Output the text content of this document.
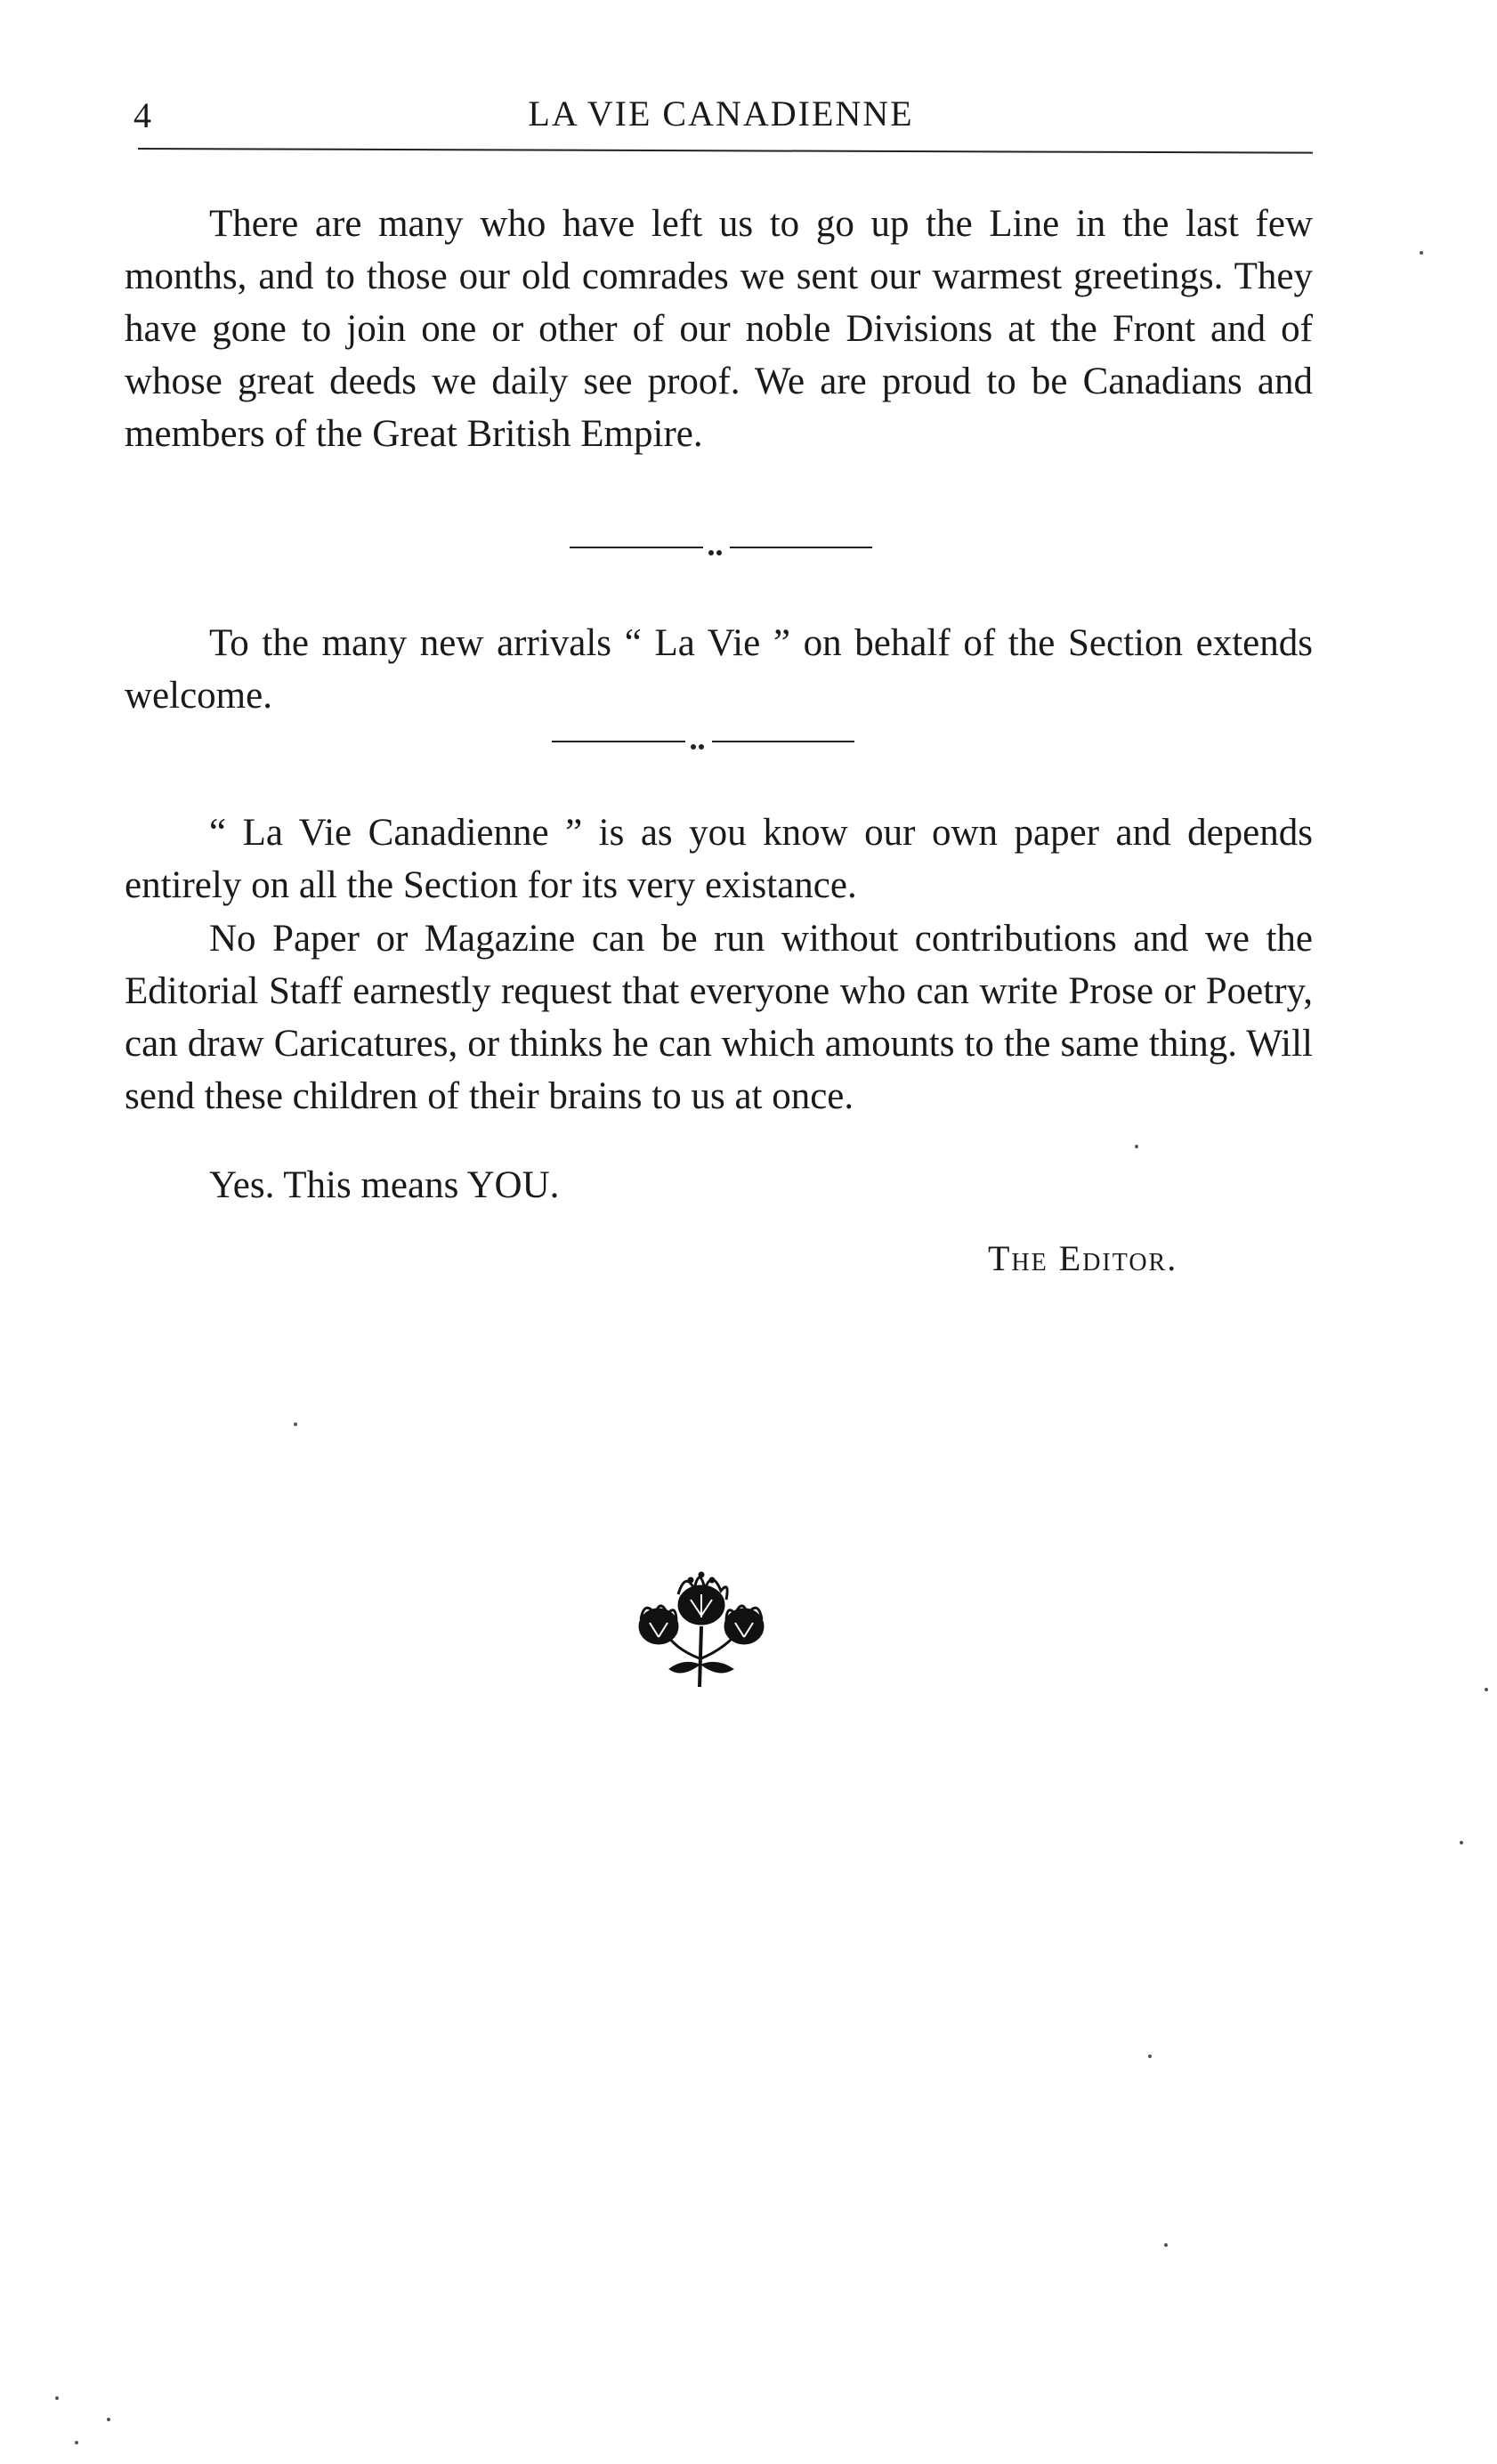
4	LA VIE CANADIENNE

There are many who have left us to go up the Line in the last few months, and to those our old comrades we sent our warmest greetings. They have gone to join one or other of our noble Divisions at the Front and of whose great deeds we daily see proof. We are proud to be Canadians and members of the Great British Empire.

To the many new arrivals “ La Vie ” on behalf of the Section extends welcome.

“ La Vie Canadienne ” is as you know our own paper and depends entirely on all the Section for its very existance.

No Paper or Magazine can be run without contributions and we the Editorial Staff earnestly request that everyone who can write Prose or Poetry, can draw Caricatures, or thinks he can which amounts to the same thing. Will send these children of their brains to us at once.

Yes. This means YOU.

The Editor.
